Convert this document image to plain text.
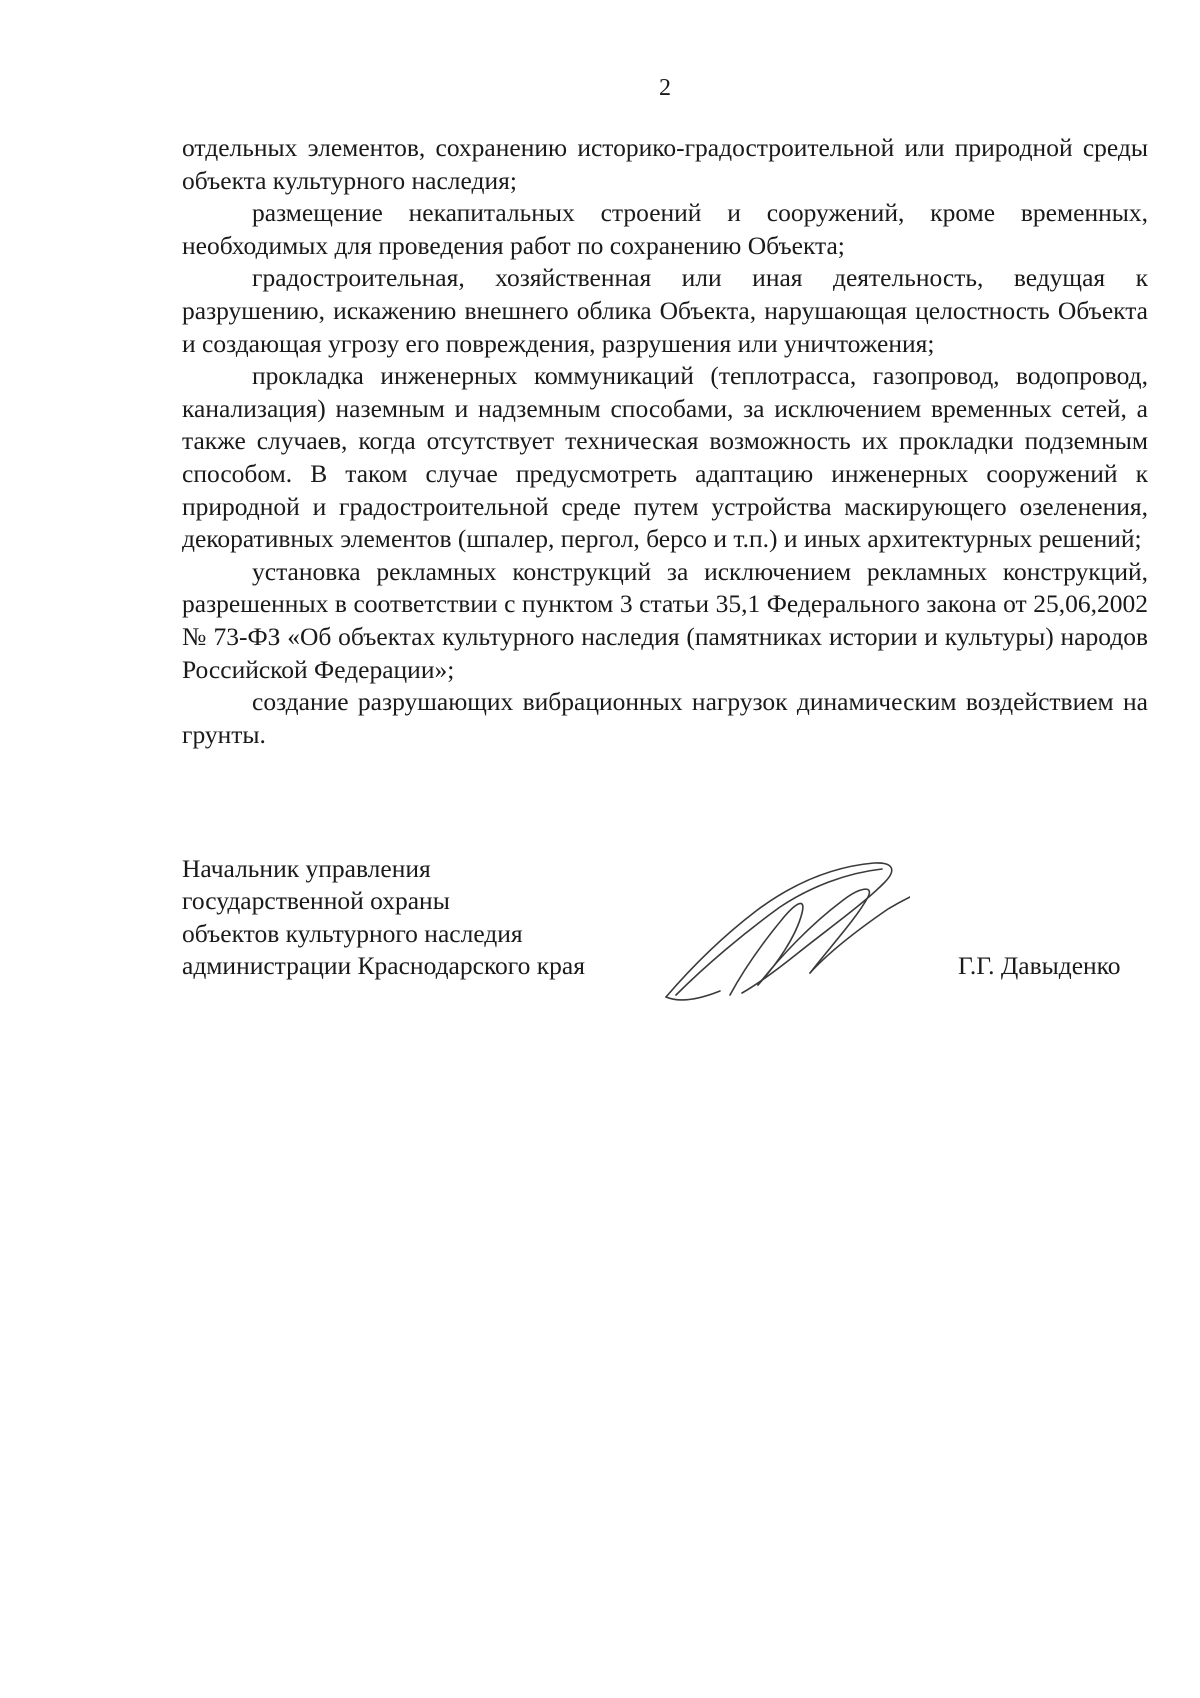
2

отдельных элементов, сохранению историко-градостроительной или природной среды объекта культурного наследия;

размещение некапитальных строений и сооружений, кроме временных, необходимых для проведения работ по сохранению Объекта;

градостроительная, хозяйственная или иная деятельность, ведущая к разрушению, искажению внешнего облика Объекта, нарушающая целостность Объекта и создающая угрозу его повреждения, разрушения или уничтожения;

прокладка инженерных коммуникаций (теплотрасса, газопровод, водопровод, канализация) наземным и надземным способами, за исключением временных сетей, а также случаев, когда отсутствует техническая возможность их прокладки подземным способом. В таком случае предусмотреть адаптацию инженерных сооружений к природной и градостроительной среде путем устройства маскирующего озеленения, декоративных элементов (шпалер, пергол, берсо и т.п.) и иных архитектурных решений;

установка рекламных конструкций за исключением рекламных конструкций, разрешенных в соответствии с пунктом 3 статьи 35,1 Федерального закона от 25,06,2002 № 73-ФЗ «Об объектах культурного наследия (памятниках истории и культуры) народов Российской Федерации»;

создание разрушающих вибрационных нагрузок динамическим воздействием на грунты.

Начальник управления
государственной охраны
объектов культурного наследия
администрации Краснодарского края	Г.Г. Давыденко
